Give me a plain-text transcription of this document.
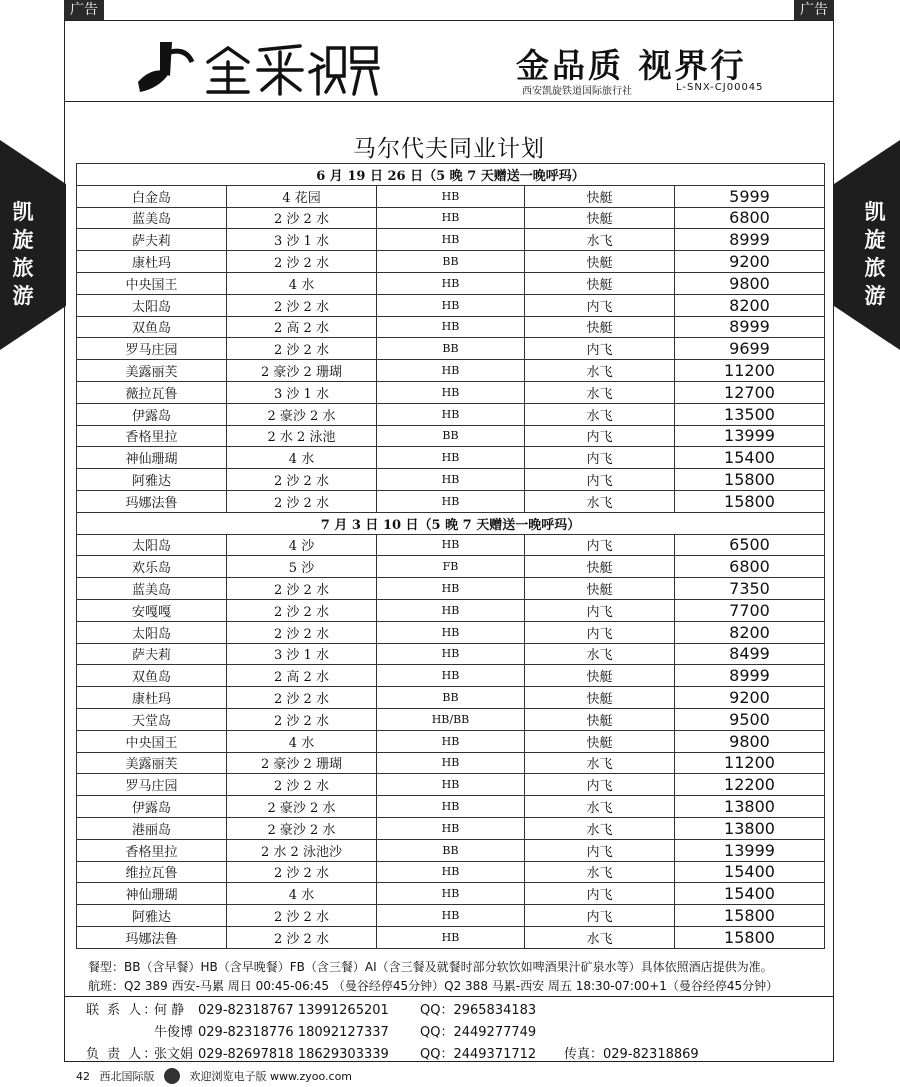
广告	广告
金品质 视界行
西安凯旋铁道国际旅行社	L-SNX-CJ00045
凯
旋
旅
游
凯
旋
旅
游
马尔代夫同业计划
6 月 19 日 26 日（5 晚 7 天赠送一晚呼玛）				
白金岛	4 花园	HB	快艇	5999
蓝美岛	2 沙 2 水	HB	快艇	6800
萨夫莉	3 沙 1 水	HB	水飞	8999
康杜玛	2 沙 2 水	BB	快艇	9200
中央国王	4 水	HB	快艇	9800
太阳岛	2 沙 2 水	HB	内飞	8200
双鱼岛	2 高 2 水	HB	快艇	8999
罗马庄园	2 沙 2 水	BB	内飞	9699
美露丽芙	2 豪沙 2 珊瑚	HB	水飞	11200
薇拉瓦鲁	3 沙 1 水	HB	水飞	12700
伊露岛	2 豪沙 2 水	HB	水飞	13500
香格里拉	2 水 2 泳池	BB	内飞	13999
神仙珊瑚	4 水	HB	内飞	15400
阿雅达	2 沙 2 水	HB	内飞	15800
玛娜法鲁	2 沙 2 水	HB	水飞	15800
7 月 3 日 10 日（5 晚 7 天赠送一晚呼玛）				
太阳岛	4 沙	HB	内飞	6500
欢乐岛	5 沙	FB	快艇	6800
蓝美岛	2 沙 2 水	HB	快艇	7350
安嘎嘎	2 沙 2 水	HB	内飞	7700
太阳岛	2 沙 2 水	HB	内飞	8200
萨夫莉	3 沙 1 水	HB	水飞	8499
双鱼岛	2 高 2 水	HB	快艇	8999
康杜玛	2 沙 2 水	BB	快艇	9200
天堂岛	2 沙 2 水	HB/BB	快艇	9500
中央国王	4 水	HB	快艇	9800
美露丽芙	2 豪沙 2 珊瑚	HB	水飞	11200
罗马庄园	2 沙 2 水	HB	内飞	12200
伊露岛	2 豪沙 2 水	HB	水飞	13800
港丽岛	2 豪沙 2 水	HB	水飞	13800
香格里拉	2 水 2 泳池沙	BB	内飞	13999
维拉瓦鲁	2 沙 2 水	HB	水飞	15400
神仙珊瑚	4 水	HB	内飞	15400
阿雅达	2 沙 2 水	HB	内飞	15800
玛娜法鲁	2 沙 2 水	HB	水飞	15800
餐型：BB（含早餐）HB（含早晚餐）FB（含三餐）AI（含三餐及就餐时部分软饮如啤酒果汁矿泉水等）具体依照酒店提供为准。
航班：Q2 389 西安-马累 周日 00:45-06:45 （曼谷经停45分钟）Q2 388 马累-西安 周五 18:30-07:00+1（曼谷经停45分钟）
联 系 人：
何 静 029-82318767 13991265201 QQ：2965834183
牛俊博 029-82318776 18092127337 QQ：2449277749
负 责 人：
张文娟 029-82697818 18629303339 QQ：2449371712 传真：029-82318869
42 西北国际版	欢迎浏览电子版 www.zyoo.com
